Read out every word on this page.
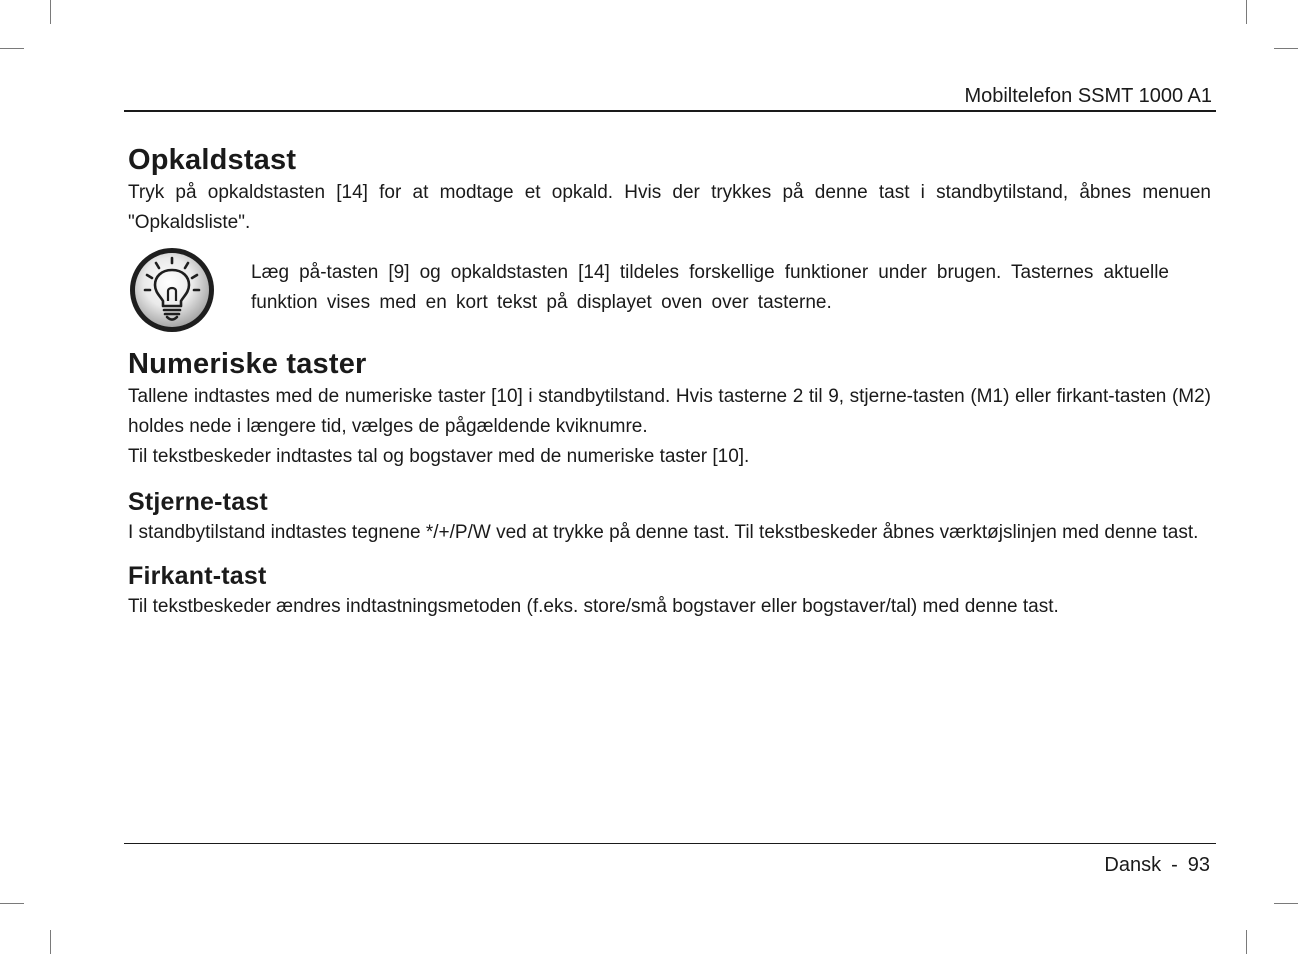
Mobiltelefon SSMT 1000 A1
Opkaldstast

Tryk på opkaldstasten [14] for at modtage et opkald. Hvis der trykkes på denne tast i standbytilstand, åbnes menuen "Opkaldsliste".

Læg på-tasten [9] og opkaldstasten [14] tildeles forskellige funktioner under brugen. Tasternes aktuelle funktion vises med en kort tekst på displayet oven over tasterne.
Numeriske taster

Tallene indtastes med de numeriske taster [10] i standbytilstand. Hvis tasterne 2 til 9, stjerne-tasten (M1) eller firkant-tasten (M2) holdes nede i længere tid, vælges de pågældende kviknumre.

Til tekstbeskeder indtastes tal og bogstaver med de numeriske taster [10].

Stjerne-tast

I standbytilstand indtastes tegnene */+/P/W ved at trykke på denne tast. Til tekstbeskeder åbnes værktøjslinjen med denne tast.

Firkant-tast

Til tekstbeskeder ændres indtastningsmetoden (f.eks. store/små bogstaver eller bogstaver/tal) med denne tast.

Dansk - 93
